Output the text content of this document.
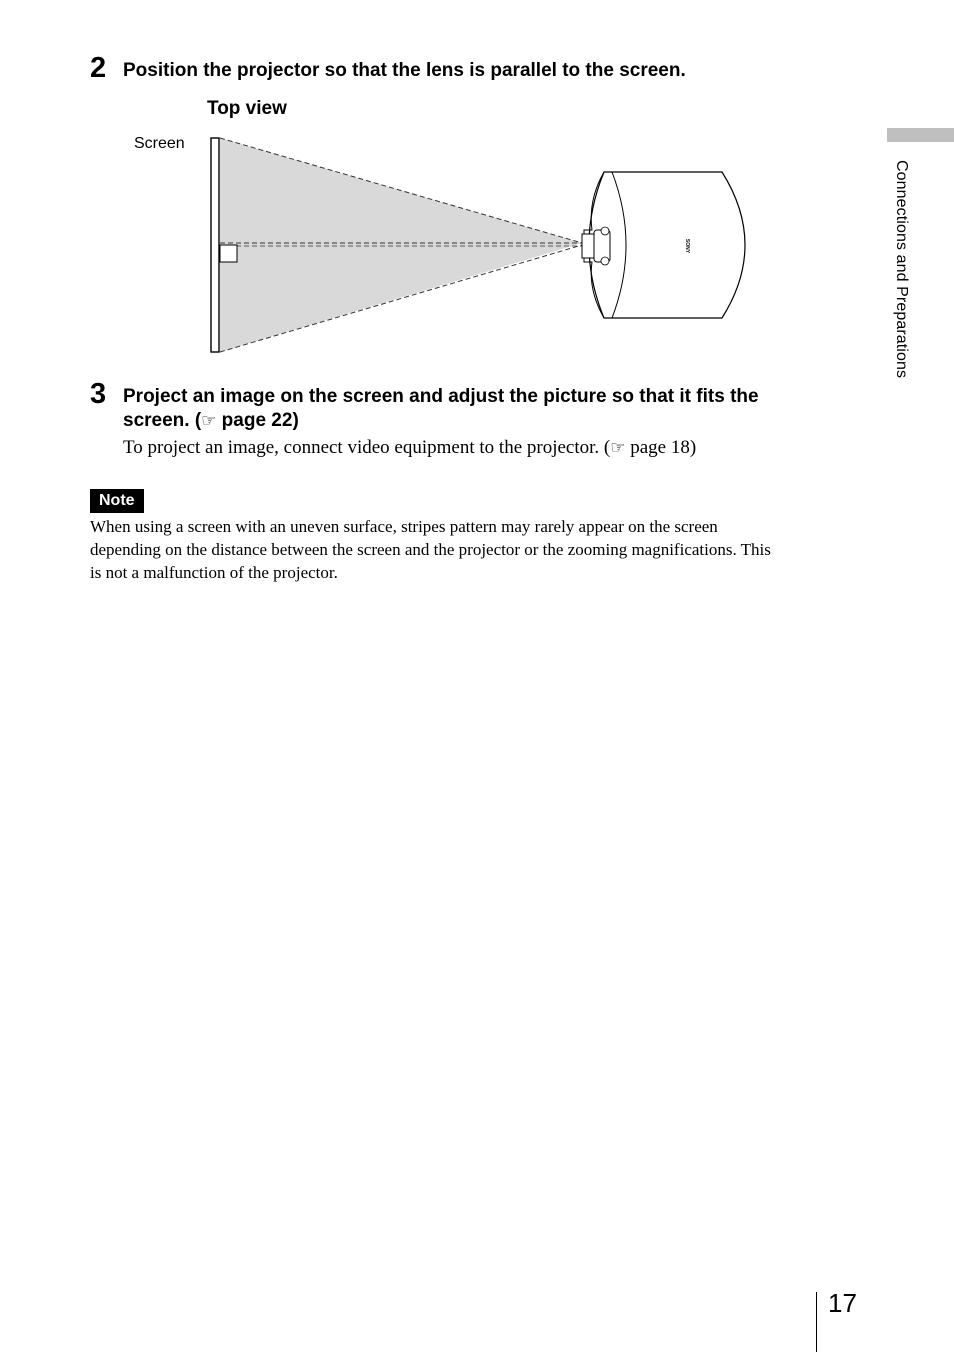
2 Position the projector so that the lens is parallel to the screen.
Top view
Screen
SONY
3 Project an image on the screen and adjust the picture so that it fits the
screen. (☞ page 22)
To project an image, connect video equipment to the projector. (☞ page 18)
Note
When using a screen with an uneven surface, stripes pattern may rarely appear on the screen
depending on the distance between the screen and the projector or the zooming magnifications. This
is not a malfunction of the projector.
Connections and Preparations
17
